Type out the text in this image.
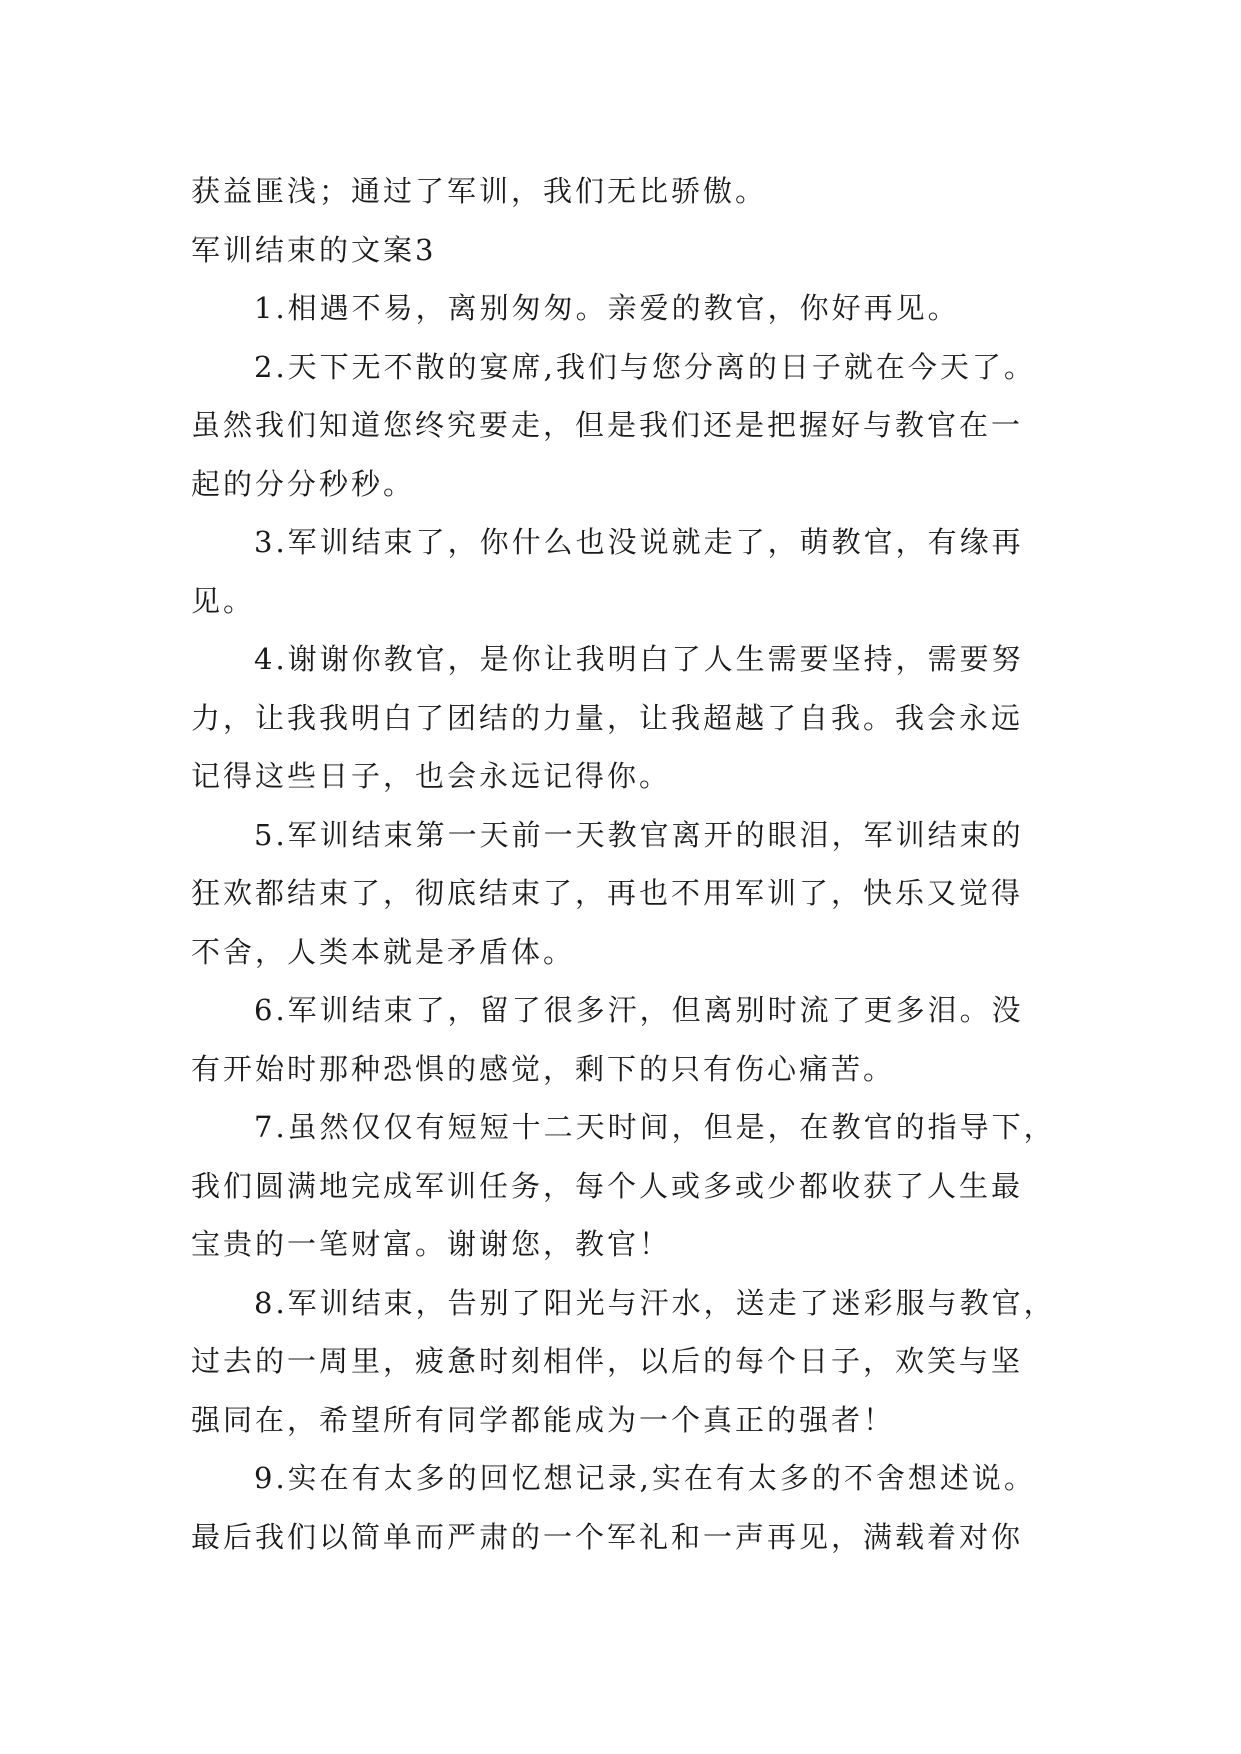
获益匪浅；通过了军训，我们无比骄傲。
军训结束的文案3
1.相遇不易，离别匆匆。亲爱的教官，你好再见。
2.天下无不散的宴席,我们与您分离的日子就在今天了。
虽然我们知道您终究要走，但是我们还是把握好与教官在一
起的分分秒秒。
3.军训结束了，你什么也没说就走了，萌教官，有缘再
见。
4.谢谢你教官，是你让我明白了人生需要坚持，需要努
力，让我我明白了团结的力量，让我超越了自我。我会永远
记得这些日子，也会永远记得你。
5.军训结束第一天前一天教官离开的眼泪，军训结束的
狂欢都结束了，彻底结束了，再也不用军训了，快乐又觉得
不舍，人类本就是矛盾体。
6.军训结束了，留了很多汗，但离别时流了更多泪。没
有开始时那种恐惧的感觉，剩下的只有伤心痛苦。
7.虽然仅仅有短短十二天时间，但是，在教官的指导下，
我们圆满地完成军训任务，每个人或多或少都收获了人生最
宝贵的一笔财富。谢谢您，教官！
8.军训结束，告别了阳光与汗水，送走了迷彩服与教官，
过去的一周里，疲惫时刻相伴，以后的每个日子，欢笑与坚
强同在，希望所有同学都能成为一个真正的强者！
9.实在有太多的回忆想记录,实在有太多的不舍想述说。
最后我们以简单而严肃的一个军礼和一声再见，满载着对你
